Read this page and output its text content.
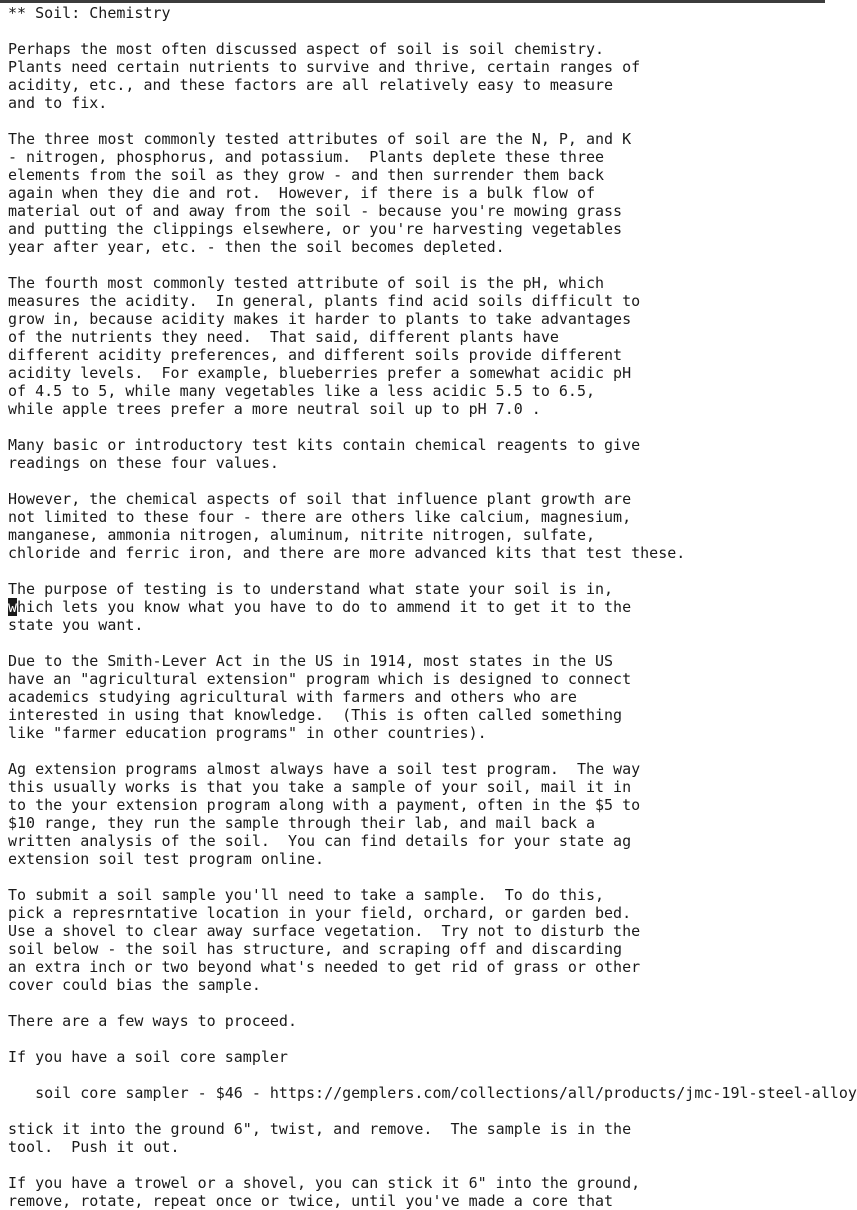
** Soil: Chemistry
Perhaps the most often discussed aspect of soil is soil chemistry.
Plants need certain nutrients to survive and thrive, certain ranges of
acidity, etc., and these factors are all relatively easy to measure
and to fix.
The three most commonly tested attributes of soil are the N, P, and K
- nitrogen, phosphorus, and potassium.  Plants deplete these three
elements from the soil as they grow - and then surrender them back
again when they die and rot.  However, if there is a bulk flow of
material out of and away from the soil - because you're mowing grass
and putting the clippings elsewhere, or you're harvesting vegetables
year after year, etc. - then the soil becomes depleted.
The fourth most commonly tested attribute of soil is the pH, which
measures the acidity.  In general, plants find acid soils difficult to
grow in, because acidity makes it harder to plants to take advantages
of the nutrients they need.  That said, different plants have
different acidity preferences, and different soils provide different
acidity levels.  For example, blueberries prefer a somewhat acidic pH
of 4.5 to 5, while many vegetables like a less acidic 5.5 to 6.5,
while apple trees prefer a more neutral soil up to pH 7.0 .
Many basic or introductory test kits contain chemical reagents to give
readings on these four values.
However, the chemical aspects of soil that influence plant growth are
not limited to these four - there are others like calcium, magnesium,
manganese, ammonia nitrogen, aluminum, nitrite nitrogen, sulfate,
chloride and ferric iron, and there are more advanced kits that test these.
The purpose of testing is to understand what state your soil is in,
which lets you know what you have to do to ammend it to get it to the
state you want.
Due to the Smith-Lever Act in the US in 1914, most states in the US
have an "agricultural extension" program which is designed to connect
academics studying agricultural with farmers and others who are
interested in using that knowledge.  (This is often called something
like "farmer education programs" in other countries).
Ag extension programs almost always have a soil test program.  The way
this usually works is that you take a sample of your soil, mail it in
to the your extension program along with a payment, often in the $5 to
$10 range, they run the sample through their lab, and mail back a
written analysis of the soil.  You can find details for your state ag
extension soil test program online.
To submit a soil sample you'll need to take a sample.  To do this,
pick a represrntative location in your field, orchard, or garden bed.
Use a shovel to clear away surface vegetation.  Try not to disturb the
soil below - the soil has structure, and scraping off and discarding
an extra inch or two beyond what's needed to get rid of grass or other
cover could bias the sample.
There are a few ways to proceed.
If you have a soil core sampler
soil core sampler - $46 - https://gemplers.com/collections/all/products/jmc-19l-steel-alloy
stick it into the ground 6", twist, and remove.  The sample is in the
tool.  Push it out.
If you have a trowel or a shovel, you can stick it 6" into the ground,
remove, rotate, repeat once or twice, until you've made a core that
